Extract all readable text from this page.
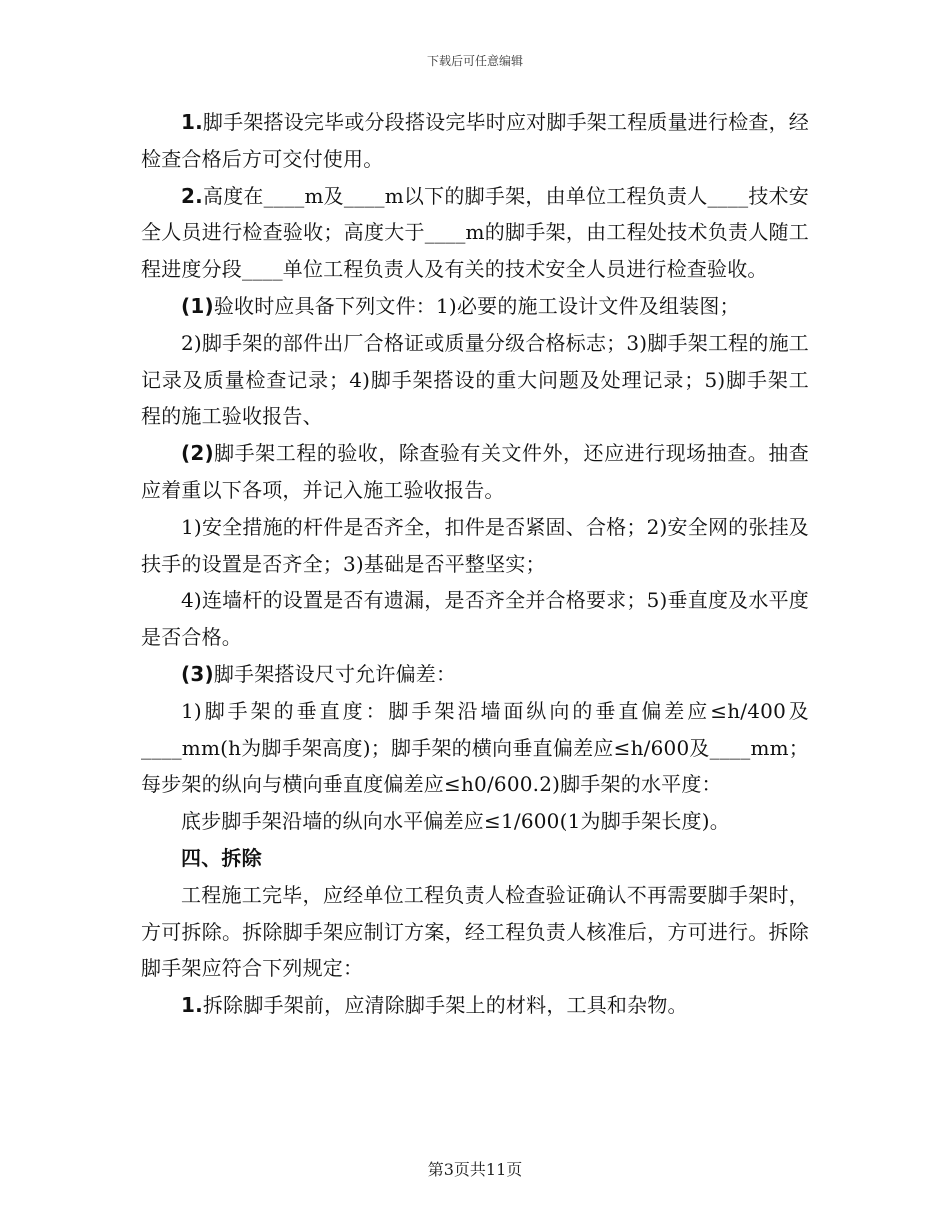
下载后可任意编辑

1.脚手架搭设完毕或分段搭设完毕时应对脚手架工程质量进行检查，经检查合格后方可交付使用。

2.高度在____m及____m以下的脚手架，由单位工程负责人____技术安全人员进行检查验收；高度大于____m的脚手架，由工程处技术负责人随工程进度分段____单位工程负责人及有关的技术安全人员进行检查验收。

(1)验收时应具备下列文件：1)必要的施工设计文件及组装图；

2)脚手架的部件出厂合格证或质量分级合格标志；3)脚手架工程的施工记录及质量检查记录；4)脚手架搭设的重大问题及处理记录；5)脚手架工程的施工验收报告、

(2)脚手架工程的验收，除查验有关文件外，还应进行现场抽查。抽查应着重以下各项，并记入施工验收报告。

1)安全措施的杆件是否齐全，扣件是否紧固、合格；2)安全网的张挂及扶手的设置是否齐全；3)基础是否平整坚实；

4)连墙杆的设置是否有遗漏，是否齐全并合格要求；5)垂直度及水平度是否合格。

(3)脚手架搭设尺寸允许偏差：

1)脚手架的垂直度：脚手架沿墙面纵向的垂直偏差应≤h/400及____mm(h为脚手架高度)；脚手架的横向垂直偏差应≤h/600及____mm；每步架的纵向与横向垂直度偏差应≤h0/600.2)脚手架的水平度：

底步脚手架沿墙的纵向水平偏差应≤1/600(1为脚手架长度)。

四、拆除

工程施工完毕，应经单位工程负责人检查验证确认不再需要脚手架时，方可拆除。拆除脚手架应制订方案，经工程负责人核准后，方可进行。拆除脚手架应符合下列规定：

1.拆除脚手架前，应清除脚手架上的材料，工具和杂物。

第3页共11页
